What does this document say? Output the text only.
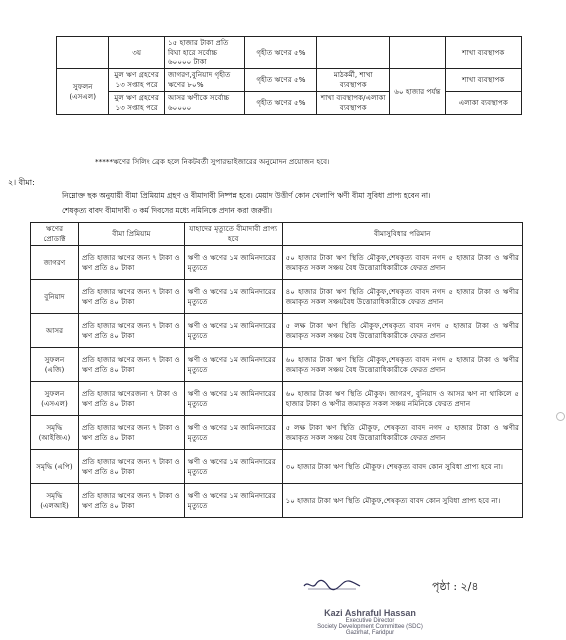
	৩য়	১৫ হাজার টাকা প্রতি বিঘা হারে সর্বোচ্চ ৬০০০০ টাকা	গৃহীত ঋণের ৫%			শাখা ব্যবস্থাপক
সুফলন (এসএল)	মুল ঋণ গ্রহণের ১৩ সপ্তাহ পরে	জাগরণ,বুনিয়াদ গৃহীত ঋণের ৮০%	গৃহীত ঋণের ৫%	মাঠকর্মী, শাখা ব্যবস্থাপক	৬০ হাজার পর্যন্ত	শাখা ব্যবস্থাপক
	মুল ঋণ গ্রহণের ১৩ সপ্তাহ পরে	আসর ঋণীকে সর্বোচ্চ ৬০০০০	গৃহীত ঋণের ৫%	শাখা ব্যবস্থাপক/এলাকা ব্যবস্থাপক		এলাকা ব্যবস্থাপক
*****ঋণের সিলিং ব্রেক হলে নিকটবর্তী সুপারভাইজারের অনুমোদন প্রয়োজন হবে।
২। বীমা:
নিম্নোক্ত ছক অনুযায়ী বীমা প্রিমিয়াম গ্রহণ ও বীমাদাবী নিষ্পন্ন হবে। মেয়াদ উত্তীর্ণ কোন খেলাপি ঋণী বীমা সুবিধা প্রাপ্য হবেন না।
শেষকৃত্য বাবদ বীমাদাবী ৩ কর্ম দিবসের মধ্যে নমিনিকে প্রদান করা জরুরী।
ঋণের প্রোডাক্ট	বীমা প্রিমিয়াম	যাহাদের মৃত্যুতে বীমাদাবী প্রাপ্য হবে	বীমাসুবিধার পরিমান
জাগরণ	প্রতি হাজার ঋণের জন্য ৭ টাকা ও ঋণ প্রতি ৪০ টাকা	ঋণী ও ঋণের ১ম জামিনদারের মৃত্যুতে	৫০ হাজার টাকা ঋণ স্থিতি মৌকুফ,শেষকৃত্য বাবদ নগদ ৫ হাজার টাকা ও ঋণীর জমাকৃত সকল সঞ্চয় বৈধ উত্তোরাধিকারীকে ফেরত প্রদান
বুনিয়াদ	প্রতি হাজার ঋণের জন্য ৭ টাকা ও ঋণ প্রতি ৪০ টাকা	ঋণী ও ঋণের ১ম জামিনদারের মৃত্যুতে	৪০ হাজার টাকা ঋণ স্থিতি মৌকুফ,শেষকৃত্য বাবদ নগদ ৫ হাজার টাকা ও ঋণীর জমাকৃত সকল সঞ্চয়বৈধ উত্তোরাধিকারীকে ফেরত প্রদান
আসর	প্রতি হাজার ঋণের জন্য ৭ টাকা ও ঋণ প্রতি ৪০ টাকা	ঋণী ও ঋণের ১ম জামিনদারের মৃত্যুতে	৫ লক্ষ টাকা ঋণ স্থিতি মৌকুফ,শেষকৃত্য বাবদ নগদ ৫ হাজার টাকা ও ঋণীর জমাকৃত সকল সঞ্চয় বৈধ উত্তোরাধিকারীকে ফেরত প্রদান
সুফলন (এজি)	প্রতি হাজার ঋণের জন্য ৭ টাকা ও ঋণ প্রতি ৪০ টাকা	ঋণী ও ঋণের ১ম জামিনদারের মৃত্যুতে	৬০ হাজার টাকা ঋণ স্থিতি মৌকুফ,শেষকৃত্য বাবদ নগদ ৫ হাজার টাকা ও ঋণীর জমাকৃত সকল সঞ্চয় বৈধ উত্তোরাধিকারীকে ফেরত প্রদান
সুফলন (এসএল)	প্রতি হাজার ঋণেরজন্য ৭ টাকা ও ঋণ প্রতি ৪০ টাকা	ঋণী ও ঋণের ১ম জামিনদারের মৃত্যুতে	৬০ হাজার টাকা ঋণ স্থিতি মৌকুফ। জাগরণ, বুনিয়াদ ও আসর ঋণ না থাকিলে ৫ হাজার টাকা ও ঋণীর জমাকৃত সকল সঞ্চয় নমিনিকে ফেরত প্রদান
সমৃদ্ধি (আইজিএ)	প্রতি হাজার ঋণের জন্য ৭ টাকা ও ঋণ প্রতি ৪০ টাকা	ঋণী ও ঋণের ১ম জামিনদারের মৃত্যুতে	৫ লক্ষ টাকা ঋণ স্থিতি মৌকুফ, শেষকৃত্য বাবদ নগদ ৫ হাজার টাকা ও ঋণীর জমাকৃত সকল সঞ্চয় বৈধ উত্তোরাধিকারীকে ফেরত প্রদান
সমৃদ্ধি (এপি)	প্রতি হাজার ঋণের জন্য ৭ টাকা ও ঋণ প্রতি ৪০ টাকা	ঋণী ও ঋণের ১ম জামিনদারের মৃত্যুতে	৩০ হাজার টাকা ঋণ স্থিতি মৌকুফ। শেষকৃত্য বাবদ কোন সুবিধা প্রাপ্য হবে না।
সমৃদ্ধি (এলআই)	প্রতি হাজার ঋণের জন্য ৭ টাকা ও ঋণ প্রতি ৪০ টাকা	ঋণী ও ঋণের ১ম জামিনদারের মৃত্যুতে	১০ হাজার টাকা ঋণ স্থিতি মৌকুফ,শেষকৃত্য বাবদ কোন সুবিধা প্রাপ্য হবে না।
পৃষ্ঠা : ২/৪
Kazi Ashraful Hassan
Executive Director
Society Development Committee (SDC)
Gazirhat, Faridpur
